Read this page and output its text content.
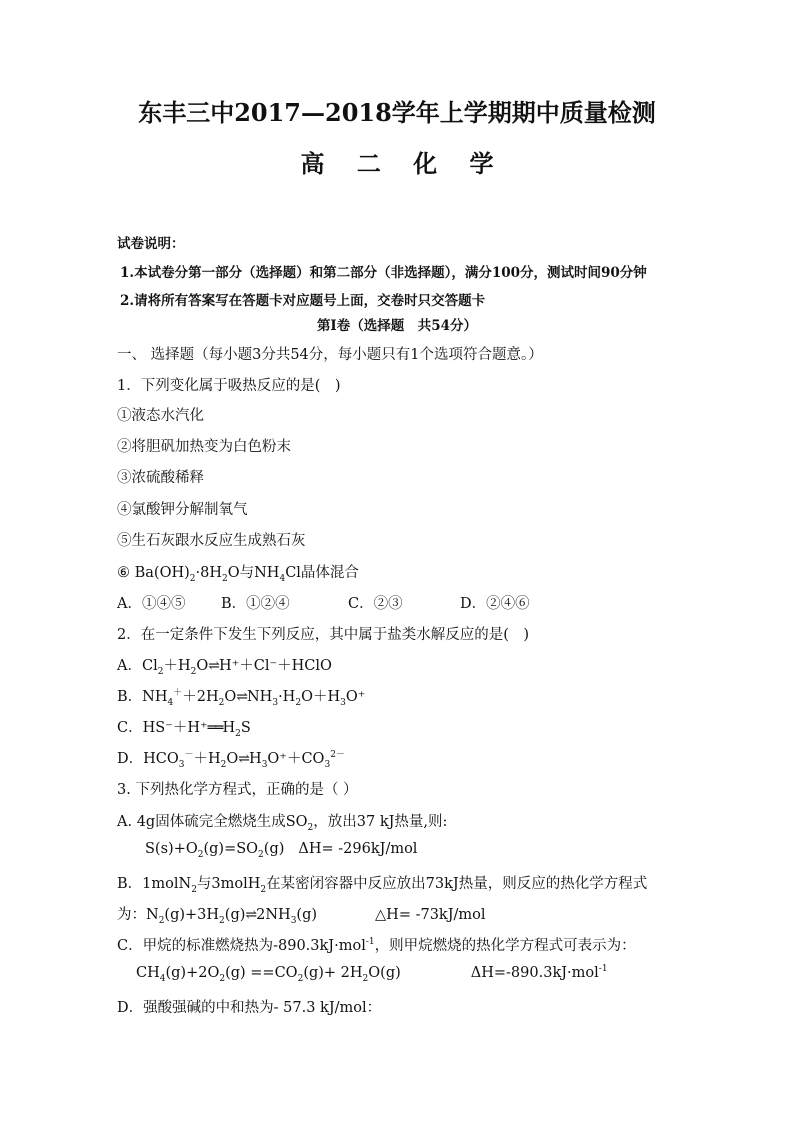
东丰三中2017—2018学年上学期期中质量检测
高 二 化 学
试卷说明：
1.本试卷分第一部分（选择题）和第二部分（非选择题），满分100分，测试时间90分钟
2.请将所有答案写在答题卡对应题号上面，交卷时只交答题卡
第Ⅰ卷（选择题　共54分）
一、 选择题（每小题3分共54分，每小题只有1个选项符合题意。）
1．下列变化属于吸热反应的是(　)
①液态水汽化
②将胆矾加热变为白色粉末
③浓硫酸稀释
④氯酸钾分解制氧气
⑤生石灰跟水反应生成熟石灰
⑥ $Ba(OH)_2\cdot 8H_2O$与$NH_4Cl$晶体混合
A．①④⑤ B．①②④	C．②③	D．②④⑥
2．在一定条件下发生下列反应，其中属于盐类水解反应的是(　)
A．$Cl_2+H_2O\rightleftharpoons H^++Cl^-+HClO$
B．$NH_4^++2H_2O\rightleftharpoons NH_3\cdot H_2O+H_3O^+$
C．$HS^-+H^+══H_2S$
D．$HCO_3^-+H_2O\rightleftharpoons H_3O^++CO_3^{2-}$
3. 下列热化学方程式，正确的是（ ）
A. 4g固体硫完全燃烧生成$SO_2$，放出37 kJ热量,则:
$S(s)+O_2(g)=SO_2(g)$ ΔH= -296kJ/mol
B．1molN$_2$与3molH$_2$在某密闭容器中反应放出73kJ热量，则反应的热化学方程式
为：$N_2(g)+3H_2(g)\rightleftharpoons 2NH_3(g)$	△H= -73kJ/mol
C．甲烷的标准燃烧热为-890.3kJ·mol$^{-1}$，则甲烷燃烧的热化学方程式可表示为：
$CH_4(g)+2O_2(g) ==CO_2(g)+ 2H_2O(g)$	ΔH=-890.3kJ·mol$^{-1}$
D．强酸强碱的中和热为- 57.3 kJ/mol：
